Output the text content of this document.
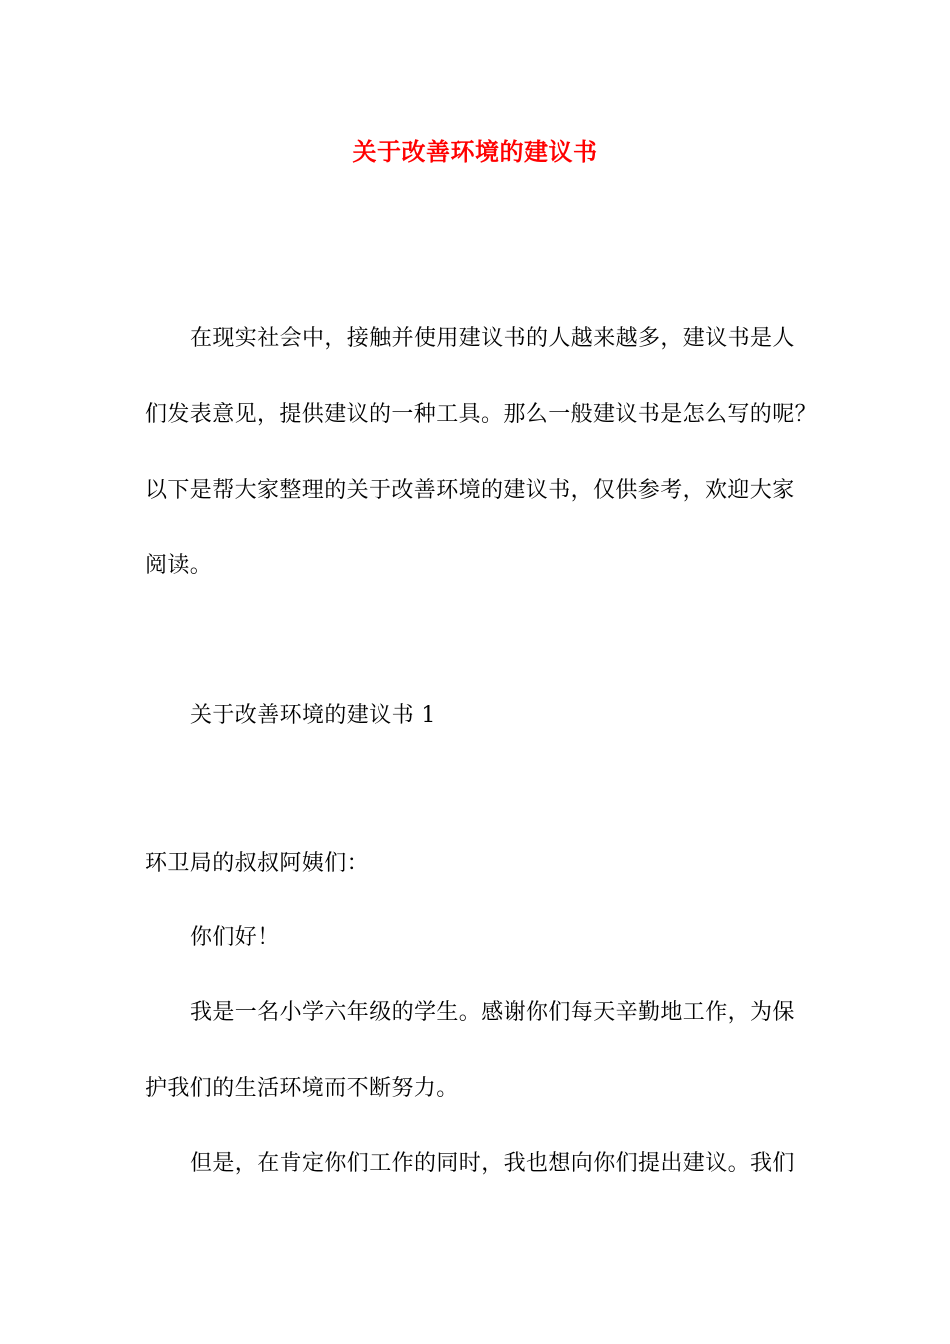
关于改善环境的建议书
在现实社会中，接触并使用建议书的人越来越多，建议书是人
们发表意见，提供建议的一种工具。那么一般建议书是怎么写的呢？
以下是帮大家整理的关于改善环境的建议书，仅供参考，欢迎大家
阅读。
关于改善环境的建议书 1
环卫局的叔叔阿姨们：
你们好！
我是一名小学六年级的学生。感谢你们每天辛勤地工作，为保
护我们的生活环境而不断努力。
但是，在肯定你们工作的同时，我也想向你们提出建议。我们
